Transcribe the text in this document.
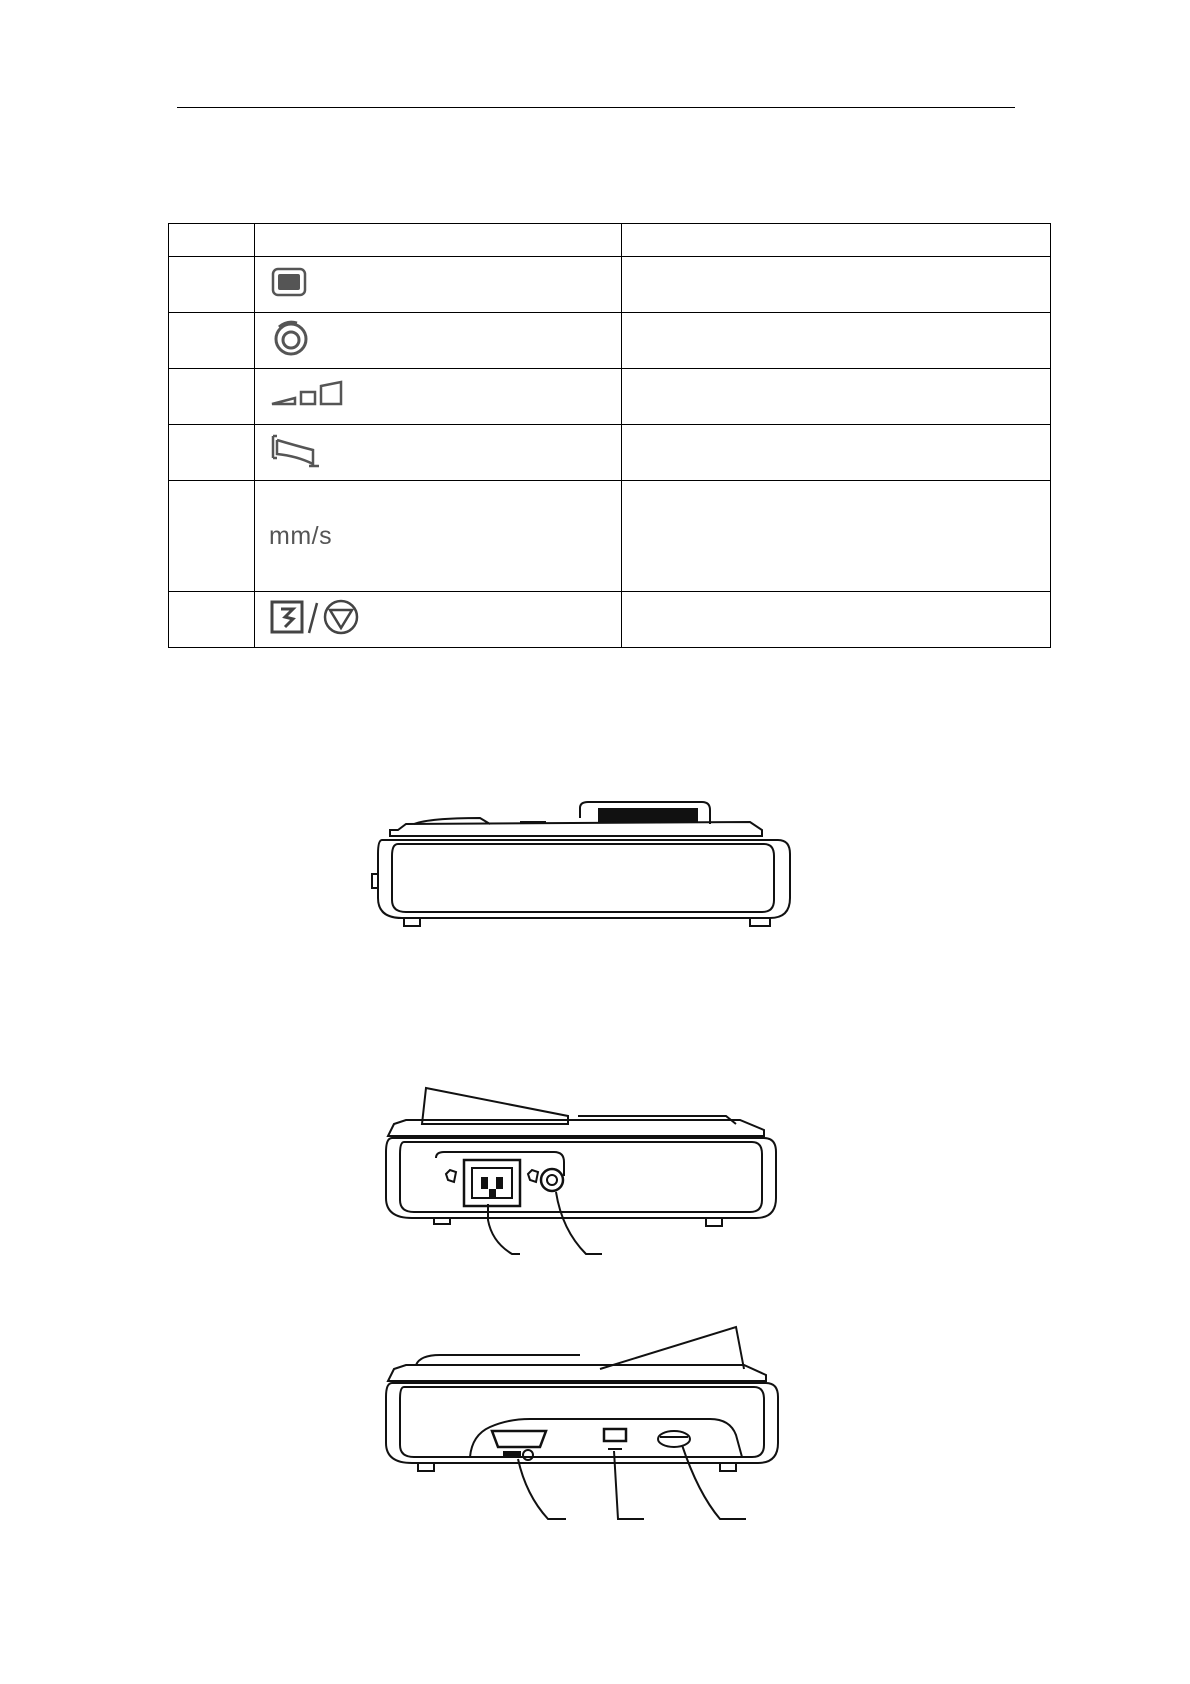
	mm/s	
